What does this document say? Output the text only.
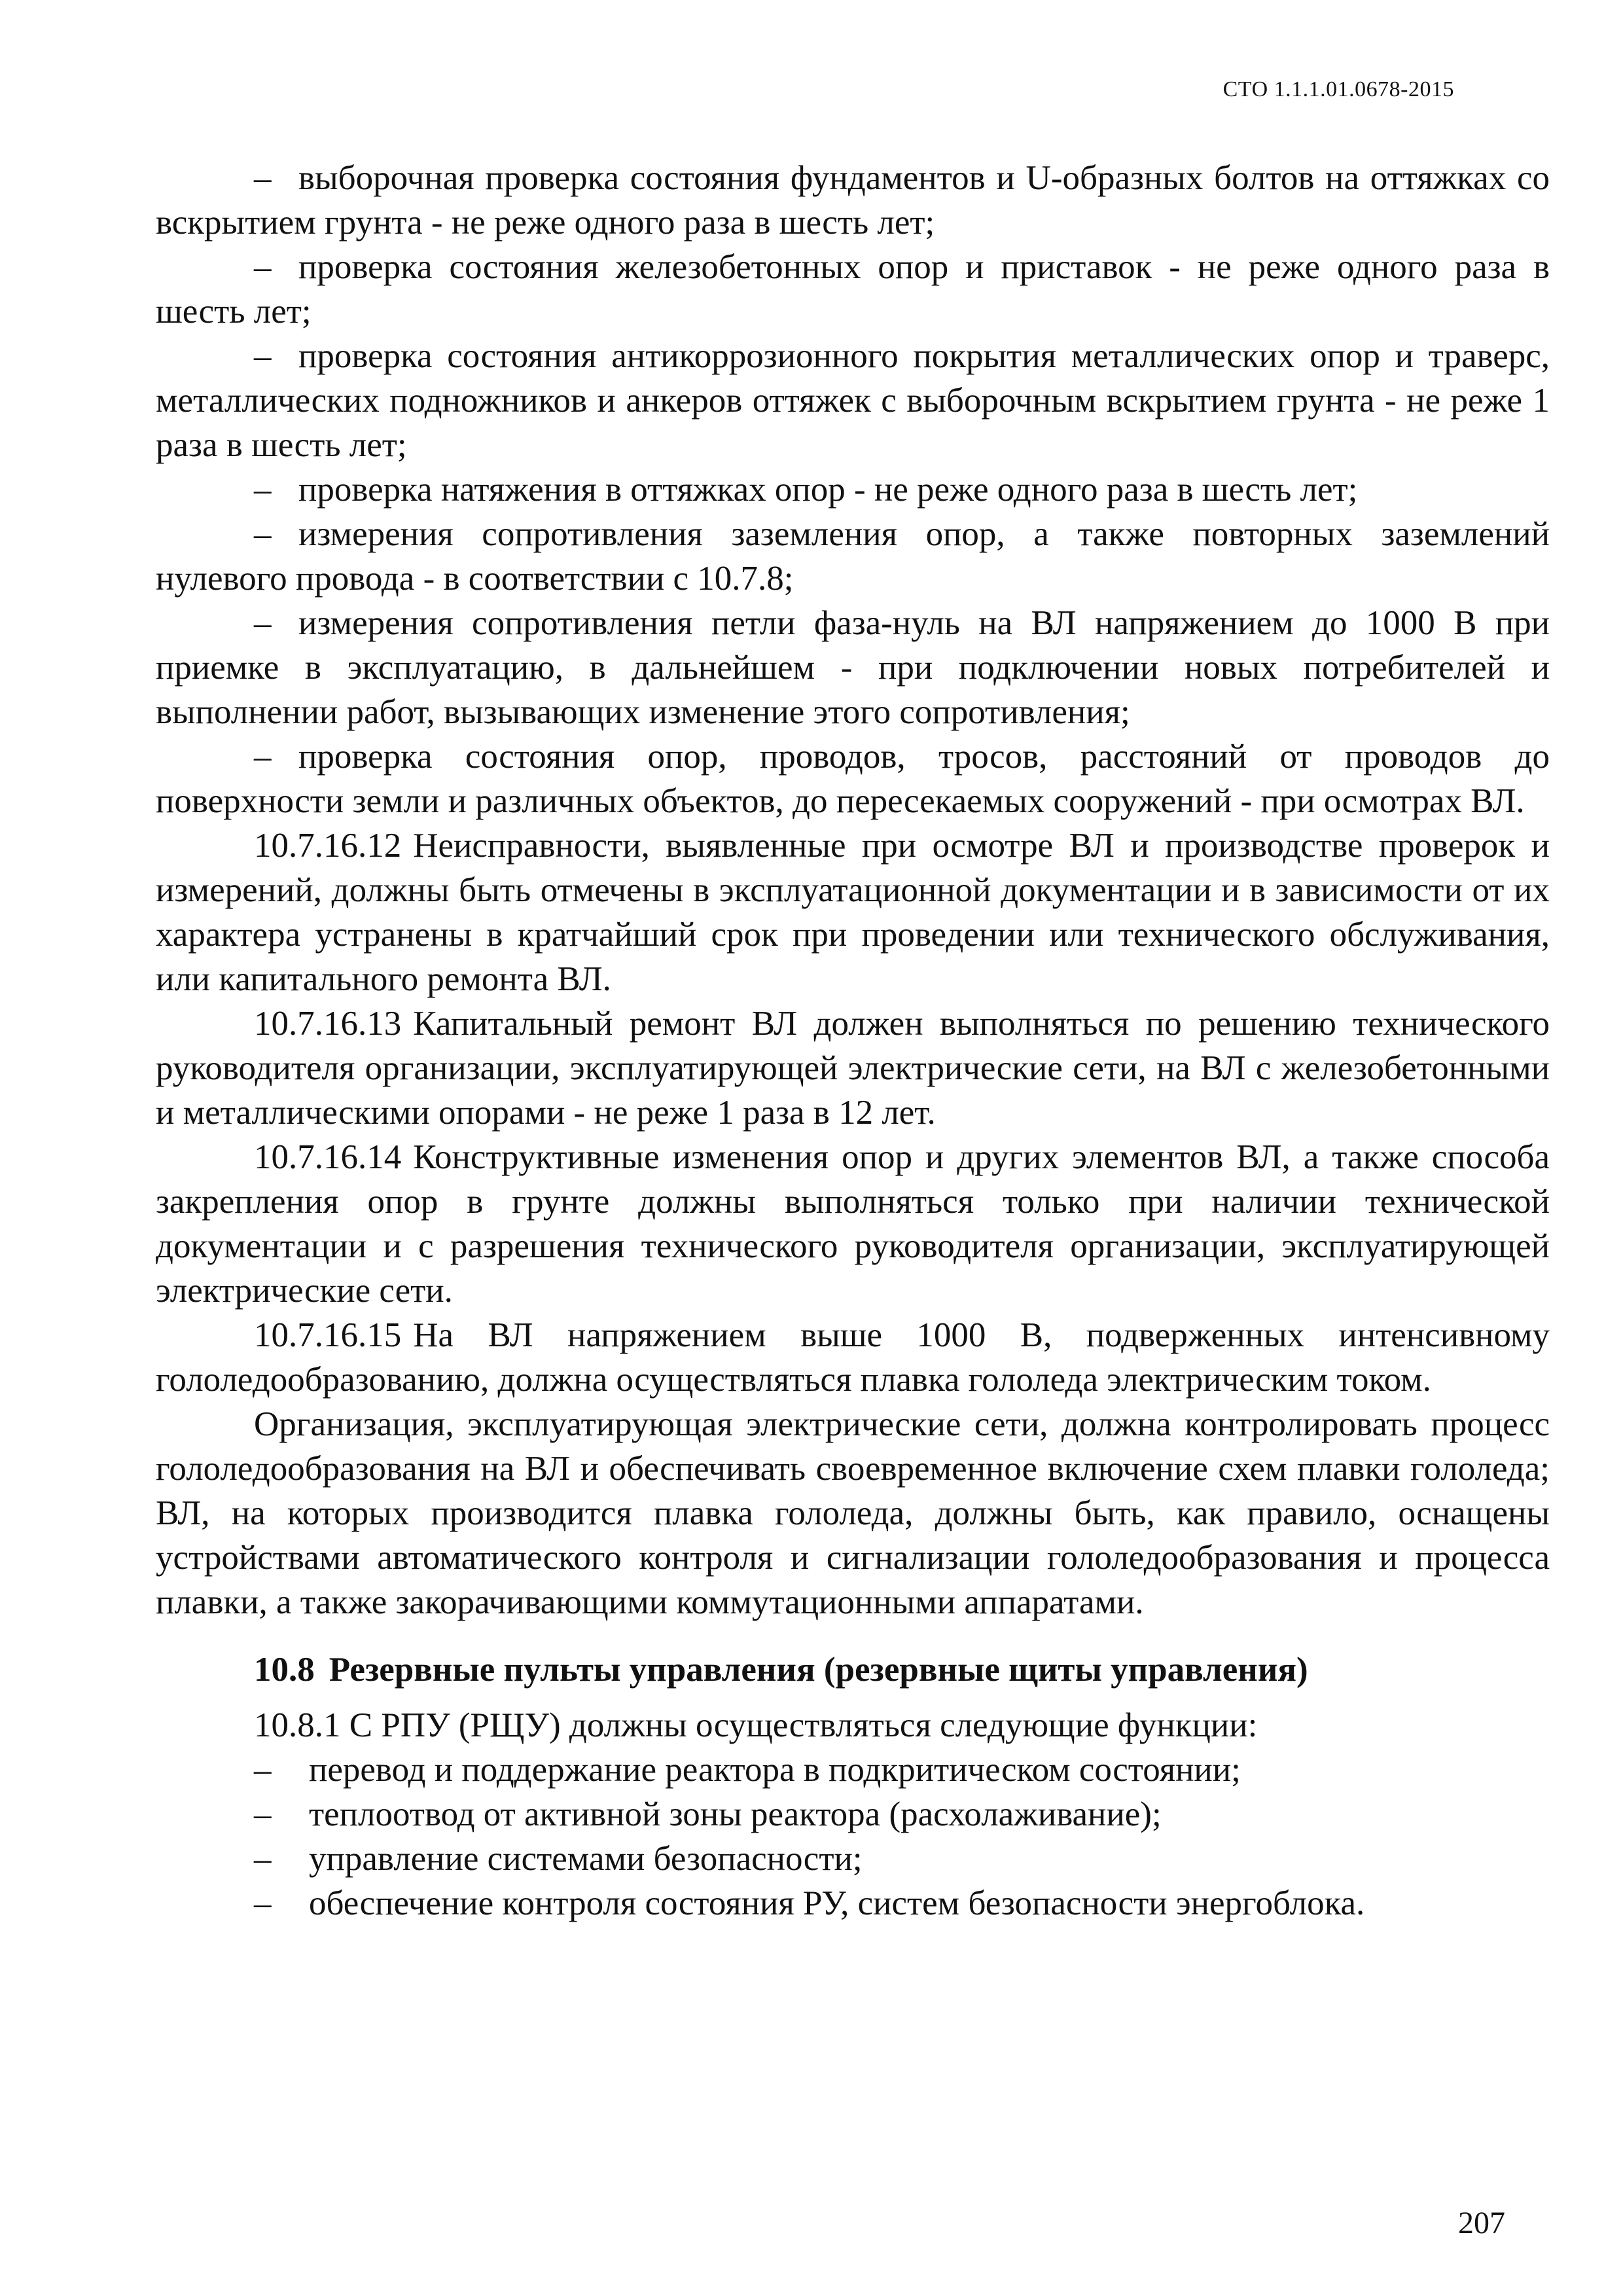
СТО 1.1.1.01.0678-2015
– выборочная проверка состояния фундаментов и U-образных болтов на оттяжках со вскрытием грунта - не реже одного раза в шесть лет;
– проверка состояния железобетонных опор и приставок - не реже одного раза в шесть лет;
– проверка состояния антикоррозионного покрытия металлических опор и траверс, металлических подножников и анкеров оттяжек с выборочным вскрытием грунта - не реже 1 раза в шесть лет;
– проверка натяжения в оттяжках опор - не реже одного раза в шесть лет;
– измерения сопротивления заземления опор, а также повторных заземлений нулевого провода - в соответствии с 10.7.8;
– измерения сопротивления петли фаза-нуль на ВЛ напряжением до 1000 В при приемке в эксплуатацию, в дальнейшем - при подключении новых потребителей и выполнении работ, вызывающих изменение этого сопротивления;
– проверка состояния опор, проводов, тросов, расстояний от проводов до поверхности земли и различных объектов, до пересекаемых сооружений - при осмотрах ВЛ.

10.7.16.12 Неисправности, выявленные при осмотре ВЛ и производстве проверок и измерений, должны быть отмечены в эксплуатационной документации и в зависимости от их характера устранены в кратчайший срок при проведении или технического обслуживания, или капитального ремонта ВЛ.

10.7.16.13 Капитальный ремонт ВЛ должен выполняться по решению технического руководителя организации, эксплуатирующей электрические сети, на ВЛ с железобетонными и металлическими опорами - не реже 1 раза в 12 лет.

10.7.16.14 Конструктивные изменения опор и других элементов ВЛ, а также способа закрепления опор в грунте должны выполняться только при наличии технической документации и с разрешения технического руководителя организации, эксплуатирующей электрические сети.

10.7.16.15 На ВЛ напряжением выше 1000 В, подверженных интенсивному гололедообразованию, должна осуществляться плавка гололеда электрическим током.

Организация, эксплуатирующая электрические сети, должна контролировать процесс гололедообразования на ВЛ и обеспечивать своевременное включение схем плавки гололеда; ВЛ, на которых производится плавка гололеда, должны быть, как правило, оснащены устройствами автоматического контроля и сигнализации гололедообразования и процесса плавки, а также закорачивающими коммутационными аппаратами.

10.8 Резервные пульты управления (резервные щиты управления)
10.8.1 С РПУ (РЩУ) должны осуществляться следующие функции:
– перевод и поддержание реактора в подкритическом состоянии;
– теплоотвод от активной зоны реактора (расхолаживание);
– управление системами безопасности;
– обеспечение контроля состояния РУ, систем безопасности энергоблока.
207
